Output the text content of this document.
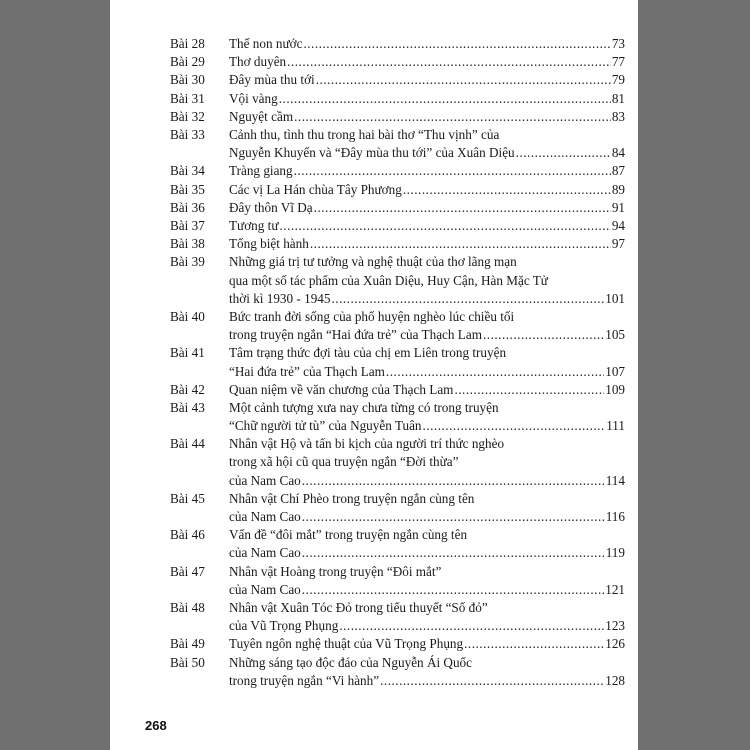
Bài 28	Thế non nước .....	73
Bài 29	Thơ duyên .....	77
Bài 30	Đây mùa thu tới .....	79
Bài 31	Vội vàng .....	81
Bài 32	Nguyệt cầm .....	83
Bài 33	Cảnh thu, tình thu trong hai bài thơ “Thu vịnh” của
Nguyễn Khuyến và “Đây mùa thu tới” của Xuân Diệu .....	84
Bài 34	Tràng giang .....	87
Bài 35	Các vị La Hán chùa Tây Phương .....	89
Bài 36	Đây thôn Vĩ Dạ .....	91
Bài 37	Tương tư .....	94
Bài 38	Tống biệt hành .....	97
Bài 39	Những giá trị tư tưởng và nghệ thuật của thơ lãng mạn
qua một số tác phẩm của Xuân Diệu, Huy Cận, Hàn Mặc Tử
thời kì 1930 - 1945 .....	101
Bài 40	Bức tranh đời sống của phố huyện nghèo lúc chiều tối
trong truyện ngắn “Hai đứa trẻ” của Thạch Lam .....	105
Bài 41	Tâm trạng thức đợi tàu của chị em Liên trong truyện
“Hai đứa trẻ” của Thạch Lam .....	107
Bài 42	Quan niệm về văn chương của Thạch Lam .....	109
Bài 43	Một cảnh tượng xưa nay chưa từng có trong truyện
“Chữ người tử tù” của Nguyễn Tuân .....	111
Bài 44	Nhân vật Hộ và tấn bi kịch của người trí thức nghèo
trong xã hội cũ qua truyện ngắn “Đời thừa”
của Nam Cao .....	114
Bài 45	Nhân vật Chí Phèo trong truyện ngắn cùng tên
của Nam Cao .....	116
Bài 46	Vấn đề “đôi mắt” trong truyện ngắn cùng tên
của Nam Cao .....	119
Bài 47	Nhân vật Hoàng trong truyện “Đôi mắt”
của Nam Cao .....	121
Bài 48	Nhân vật Xuân Tóc Đỏ trong tiểu thuyết “Số đỏ”
của Vũ Trọng Phụng .....	123
Bài 49	Tuyên ngôn nghệ thuật của Vũ Trọng Phụng .....	126
Bài 50	Những sáng tạo độc đáo của Nguyễn Ái Quốc
trong truyện ngắn “Vi hành” .....	128
268
